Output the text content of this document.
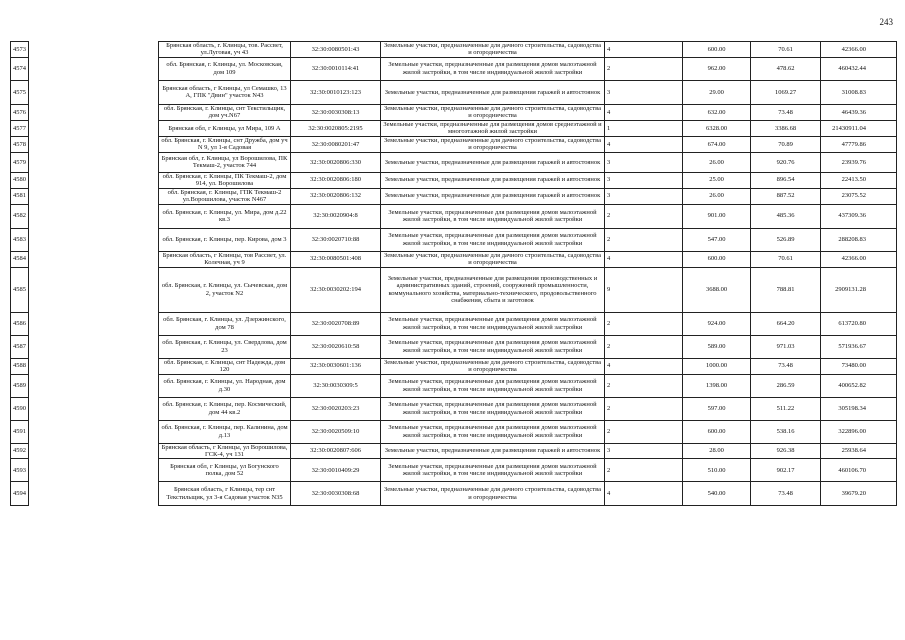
243
4573		Брянская область, г. Клинцы, тов. Рассвет, ул.Луговая, уч 43	32:30:0080501:43	Земельные участки, предназначенные для дачного строительства, садоводства и огородничества	4	600.00	70.61	42366.00
4574		обл. Брянская, г. Клинцы, ул. Московская, дом 109	32:30:0010114:41	Земельные участки, предназначенные для размещения домов малоэтажной жилой застройки, в том числе индивидуальной жилой застройки	2	962.00	478.62	460432.44
4575		Брянская область, г Клинцы, ул Семашко, 13 А, ГПК "Двин" участок N43	32:30:0010123:123	Земельные участки, предназначенные для размещения гаражей и автостоянок	3	29.00	1069.27	31008.83
4576		обл. Брянская, г. Клинцы, снт Текстильщик, дом уч.N67	32:30:0030308:13	Земельные участки, предназначенные для дачного строительства, садоводства и огородничества	4	632.00	73.48	46439.36
4577		Брянская обл, г Клинцы, ул Мира, 109 А	32:30:0020805:2195	Земельные участки, предназначенные для размещения домов среднеэтажной и многоэтажной жилой застройки	1	6328.00	3386.68	21430911.04
4578		обл. Брянская, г. Клинцы, снт Дружба, дом уч N 9, ул 1-я Садовая	32:30:0080201:47	Земельные участки, предназначенные для дачного строительства, садоводства и огородничества	4	674.00	70.89	47779.86
4579		Брянская обл, г. Клинцы, ул Ворошилова, ПК Текмаш-2, участок 744	32:30:0020806:330	Земельные участки, предназначенные для размещения гаражей и автостоянок	3	26.00	920.76	23939.76
4580		обл. Брянская, г. Клинцы, ПК Текмаш-2, дом 914, ул. Ворошилова	32:30:0020806:180	Земельные участки, предназначенные для размещения гаражей и автостоянок	3	25.00	896.54	22413.50
4581		обл. Брянская, г. Клинцы, ГПК Текмаш-2 ул.Ворошилова, участок N467	32:30:0020806:132	Земельные участки, предназначенные для размещения гаражей и автостоянок	3	26.00	887.52	23075.52
4582		обл. Брянская, г. Клинцы, ул. Мира, дом д.22 кв.3	32:30:0020904:8	Земельные участки, предназначенные для размещения домов малоэтажной жилой застройки, в том числе индивидуальной жилой застройки	2	901.00	485.36	437309.36
4583		обл. Брянская, г. Клинцы, пер. Кирова, дом 3	32:30:0020710:88	Земельные участки, предназначенные для размещения домов малоэтажной жилой застройки, в том числе индивидуальной жилой застройки	2	547.00	526.89	288208.83
4584		Брянская область, г Клинцы, тов Рассвет, ул. Колечная, уч 9	32:30:0080501:408	Земельные участки, предназначенные для дачного строительства, садоводства и огородничества	4	600.00	70.61	42366.00
4585		обл. Брянская, г. Клинцы, ул. Сычевская, дом 2, участок N2	32:30:0030202:194	Земельные участки, предназначенные для размещения производственных и административных зданий, строений, сооружений промышленности, коммунального хозяйства, материально-технического, продовольственного снабжения, сбыта и заготовок	9	3688.00	788.81	2909131.28
4586		обл. Брянская, г. Клинцы, ул. Дзержинского, дом 78	32:30:0020708:89	Земельные участки, предназначенные для размещения домов малоэтажной жилой застройки, в том числе индивидуальной жилой застройки	2	924.00	664.20	613720.80
4587		обл. Брянская, г. Клинцы, ул. Свердлова, дом 23	32:30:0020610:58	Земельные участки, предназначенные для размещения домов малоэтажной жилой застройки, в том числе индивидуальной жилой застройки	2	589.00	971.03	571936.67
4588		обл. Брянская, г. Клинцы, снт Надежда, дом 120	32:30:0030601:136	Земельные участки, предназначенные для дачного строительства, садоводства и огородничества	4	1000.00	73.48	73480.00
4589		обл. Брянская, г. Клинцы, ул. Народная, дом д.30	32:30:0030309:5	Земельные участки, предназначенные для размещения домов малоэтажной жилой застройки, в том числе индивидуальной жилой застройки	2	1398.00	286.59	400652.82
4590		обл. Брянская, г. Клинцы, пер. Космический, дом 44 кв.2	32:30:0020203:23	Земельные участки, предназначенные для размещения домов малоэтажной жилой застройки, в том числе индивидуальной жилой застройки	2	597.00	511.22	305198.34
4591		обл. Брянская, г. Клинцы, пер. Калинина, дом д.13	32:30:0020509:10	Земельные участки, предназначенные для размещения домов малоэтажной жилой застройки, в том числе индивидуальной жилой застройки	2	600.00	538.16	322896.00
4592		Брянская область, г Клинцы, ул Ворошилова, ГСК-4, уч 131	32:30:0020807:606	Земельные участки, предназначенные для размещения гаражей и автостоянок	3	28.00	926.38	25938.64
4593		Брянская обл, г Клинцы, ул Богунского полка, дом 52	32:30:0010409:29	Земельные участки, предназначенные для размещения домов малоэтажной жилой застройки, в том числе индивидуальной жилой застройки	2	510.00	902.17	460106.70
4594		Брянская область, г Клинцы, тер снт Текстильщик, ул 3-я Садовая участок N35	32:30:0030308:68	Земельные участки, предназначенные для дачного строительства, садоводства и огородничества	4	540.00	73.48	39679.20
